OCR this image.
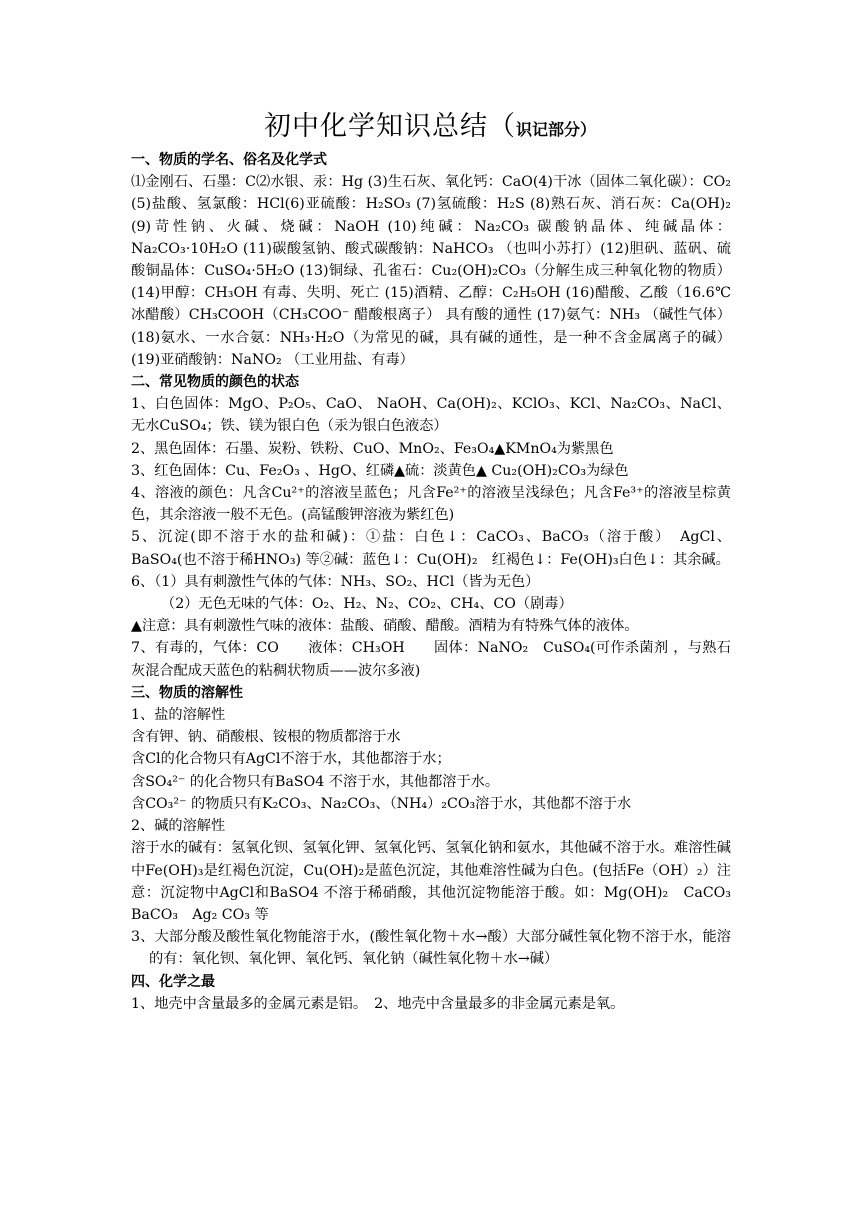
初中化学知识总结（识记部分）

一、物质的学名、俗名及化学式

⑴金刚石、石墨：C⑵水银、汞：Hg (3)生石灰、氧化钙：CaO(4)干冰（固体二氧化碳）：CO₂ (5)盐酸、氢氯酸：HCl(6)亚硫酸：H₂SO₃ (7)氢硫酸：H₂S (8)熟石灰、消石灰：Ca(OH)₂ (9)苛性钠、火碱、烧碱：NaOH (10)纯碱：Na₂CO₃ 碳酸钠晶体、纯碱晶体：Na₂CO₃·10H₂O (11)碳酸氢钠、酸式碳酸钠：NaHCO₃ （也叫小苏打）(12)胆矾、蓝矾、硫酸铜晶体：CuSO₄·5H₂O (13)铜绿、孔雀石：Cu₂(OH)₂CO₃（分解生成三种氧化物的物质）(14)甲醇：CH₃OH 有毒、失明、死亡 (15)酒精、乙醇：C₂H₅OH (16)醋酸、乙酸（16.6℃冰醋酸）CH₃COOH（CH₃COO⁻ 醋酸根离子） 具有酸的通性 (17)氨气：NH₃ （碱性气体） (18)氨水、一水合氨：NH₃·H₂O（为常见的碱，具有碱的通性，是一种不含金属离子的碱） (19)亚硝酸钠：NaNO₂ （工业用盐、有毒）

二、常见物质的颜色的状态

1、白色固体：MgO、P₂O₅、CaO、 NaOH、Ca(OH)₂、KClO₃、KCl、Na₂CO₃、NaCl、无水CuSO₄；铁、镁为银白色（汞为银白色液态）

2、黑色固体：石墨、炭粉、铁粉、CuO、MnO₂、Fe₃O₄▲KMnO₄为紫黑色

3、红色固体：Cu、Fe₂O₃ 、HgO、红磷▲硫：淡黄色▲ Cu₂(OH)₂CO₃为绿色

4、溶液的颜色：凡含Cu²⁺的溶液呈蓝色；凡含Fe²⁺的溶液呈浅绿色；凡含Fe³⁺的溶液呈棕黄色，其余溶液一般不无色。(高锰酸钾溶液为紫红色)

5、沉淀(即不溶于水的盐和碱)：①盐：白色↓：CaCO₃、BaCO₃（溶于酸）　AgCl、BaSO₄(也不溶于稀HNO₃) 等②碱：蓝色↓：Cu(OH)₂　红褐色↓：Fe(OH)₃白色↓：其余碱。

6、（1）具有刺激性气体的气体：NH₃、SO₂、HCl（皆为无色）

（2）无色无味的气体：O₂、H₂、N₂、CO₂、CH₄、CO（剧毒）

▲注意：具有刺激性气味的液体：盐酸、硝酸、醋酸。酒精为有特殊气体的液体。

7、有毒的，气体：CO　　液体：CH₃OH　　固体：NaNO₂　CuSO₄(可作杀菌剂 ，与熟石灰混合配成天蓝色的粘稠状物质——波尔多液)

三、物质的溶解性

1、盐的溶解性

含有钾、钠、硝酸根、铵根的物质都溶于水

含Cl的化合物只有AgCl不溶于水，其他都溶于水；

含SO₄²⁻ 的化合物只有BaSO4 不溶于水，其他都溶于水。

含CO₃²⁻ 的物质只有K₂CO₃、Na₂CO₃、（NH₄）₂CO₃溶于水，其他都不溶于水

2、碱的溶解性

溶于水的碱有：氢氧化钡、氢氧化钾、氢氧化钙、氢氧化钠和氨水，其他碱不溶于水。难溶性碱中Fe(OH)₃是红褐色沉淀，Cu(OH)₂是蓝色沉淀，其他难溶性碱为白色。(包括Fe（OH）₂）注意：沉淀物中AgCl和BaSO4 不溶于稀硝酸，其他沉淀物能溶于酸。如：Mg(OH)₂　CaCO₃　BaCO₃　Ag₂ CO₃ 等

3、大部分酸及酸性氧化物能溶于水，(酸性氧化物＋水→酸）大部分碱性氧化物不溶于水，能溶的有：氧化钡、氧化钾、氧化钙、氧化钠（碱性氧化物＋水→碱）

四、化学之最

1、地壳中含量最多的金属元素是铝。　2、地壳中含量最多的非金属元素是氧。
